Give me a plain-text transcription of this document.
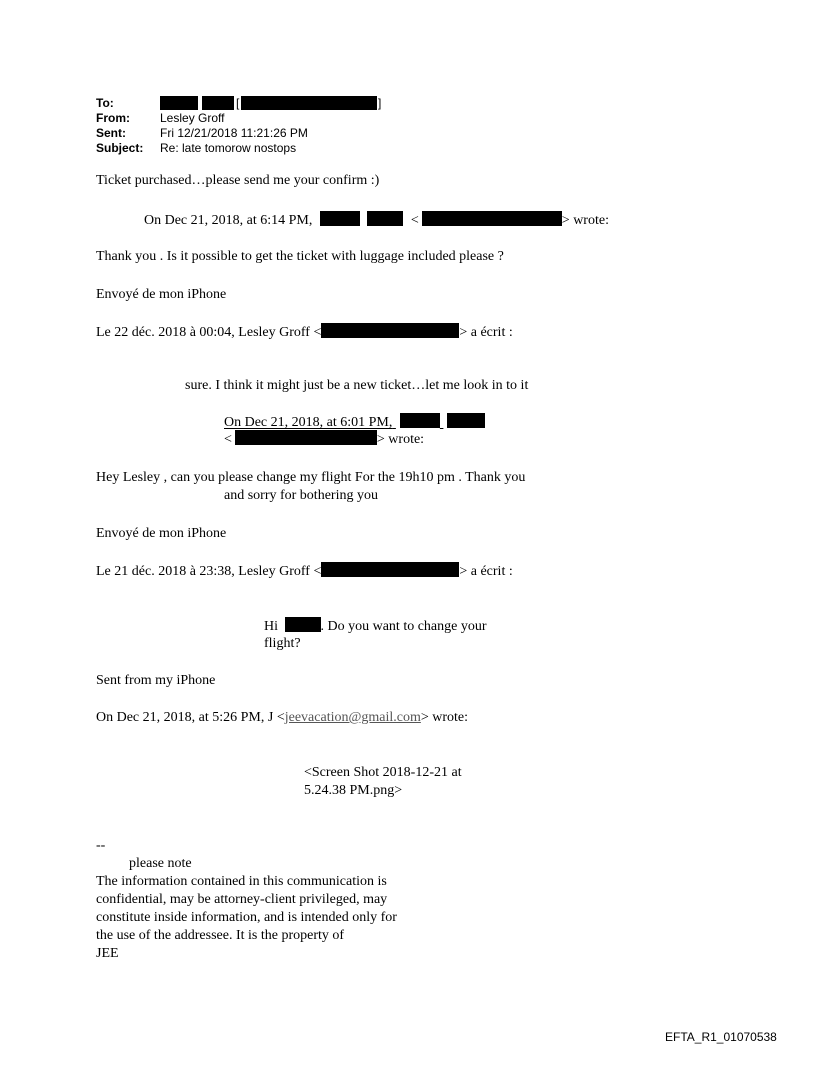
To:	[	]
From:	Lesley Groff
Sent:	Fri 12/21/2018 11:21:26 PM
Subject: Re: late tomorow nostops
Ticket purchased…please send me your confirm :)
On Dec 21, 2018, at 6:14 PM,	<	> wrote:
Thank you . Is it possible to get the ticket with luggage included please ?
Envoyé de mon iPhone
Le 22 déc. 2018 à 00:04, Lesley Groff <	> a écrit :
sure. I think it might just be a new ticket…let me look in to it
On Dec 21, 2018, at 6:01 PM,
<	> wrote:
Hey Lesley , can you please change my flight For the 19h10 pm . Thank you
and sorry for bothering you
Envoyé de mon iPhone
Le 21 déc. 2018 à 23:38, Lesley Groff <	> a écrit :
Hi	. Do you want to change your
flight?
Sent from my iPhone
On Dec 21, 2018, at 5:26 PM, J <jeevacation@gmail.com> wrote:
<Screen Shot 2018-12-21 at
5.24.38 PM.png>
--
please note
The information contained in this communication is
confidential, may be attorney-client privileged, may
constitute inside information, and is intended only for
the use of the addressee. It is the property of
JEE
EFTA_R1_01070538
